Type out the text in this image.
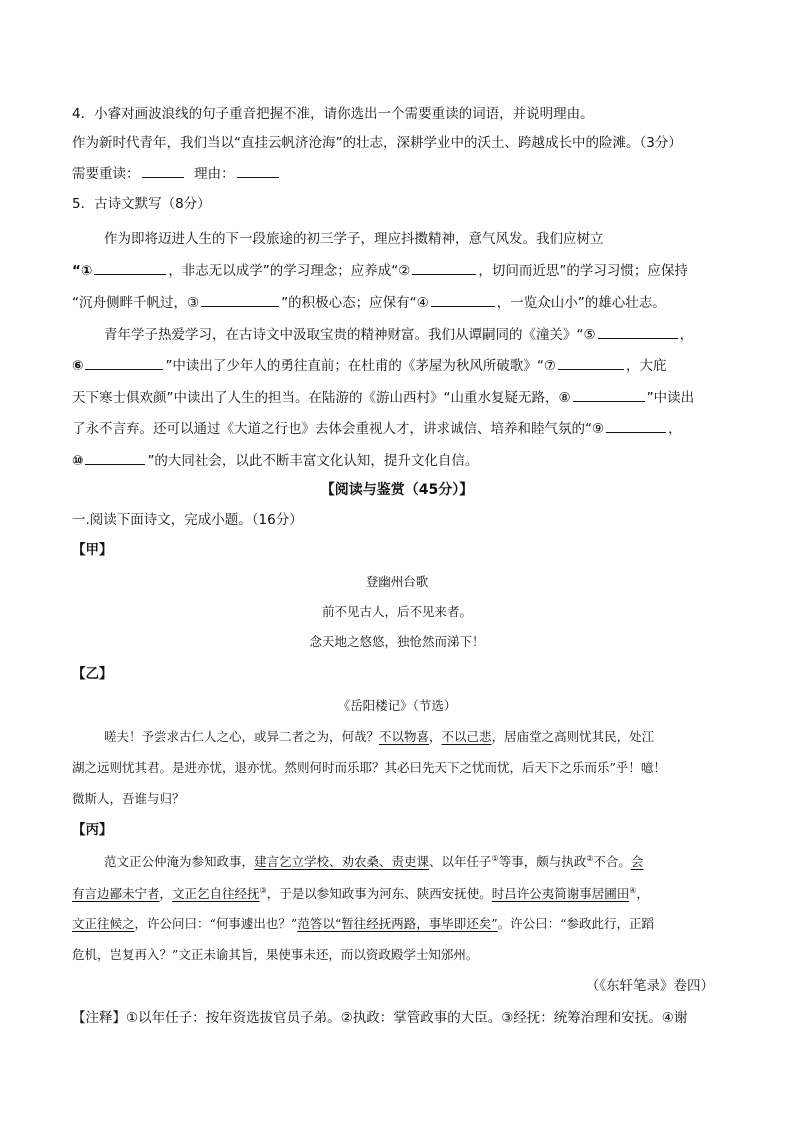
4．小睿对画波浪线的句子重音把握不准，请你选出一个需要重读的词语，并说明理由。
作为新时代青年，我们当以“直挂云帆济沧海”的壮志，深耕学业中的沃土、跨越成长中的险滩。（3分）
需要重读：	理由：
5．古诗文默写（8分）
作为即将迈进人生的下一段旅途的初三学子，理应抖擞精神，意气风发。我们应树立
“①	，非志无以成学”的学习理念；应养成“②	，切问而近思”的学习习惯；应保持
“沉舟侧畔千帆过，③	”的积极心态；应保有“④	，一览众山小”的雄心壮志。
青年学子热爱学习，在古诗文中汲取宝贵的精神财富。我们从谭嗣同的《潼关》“⑤	，
⑥	”中读出了少年人的勇往直前；在杜甫的《茅屋为秋风所破歌》“⑦	，大庇
天下寒士俱欢颜”中读出了人生的担当。在陆游的《游山西村》“山重水复疑无路，⑧	”中读出
了永不言弃。还可以通过《大道之行也》去体会重视人才，讲求诚信、培养和睦气氛的“⑨	，
⑩	”的大同社会，以此不断丰富文化认知，提升文化自信。
【阅读与鉴赏（45分）】
一.阅读下面诗文，完成小题。（16分）
【甲】
登幽州台歌
前不见古人，后不见来者。
念天地之悠悠，独怆然而涕下！
【乙】
《岳阳楼记》（节选）
嗟夫！予尝求古仁人之心，或异二者之为，何哉？不以物喜，不以己悲，居庙堂之高则忧其民，处江
湖之远则忧其君。是进亦忧，退亦忧。然则何时而乐耶？其必曰先天下之忧而忧，后天下之乐而乐”乎！噫！
微斯人，吾谁与归？
【丙】
范文正公仲淹为参知政事，建言乞立学校、劝农桑、责吏课、以年任子①等事，颇与执政②不合。会
有言边鄙未宁者，文正乞自往经抚③，于是以参知政事为河东、陕西安抚使。时吕许公夷简谢事居圃田④，
文正往候之，许公问曰：“何事遽出也？”范答以“暂往经抚两路，事毕即还矣”。许公曰：“参政此行，正蹈
危机，岂复再入？”文正未谕其旨，果使事未还，而以资政殿学士知邠州。
（《东轩笔录》卷四）
【注释】①以年任子：按年资选拔官员子弟。②执政：掌管政事的大臣。③经抚：统筹治理和安抚。④谢
